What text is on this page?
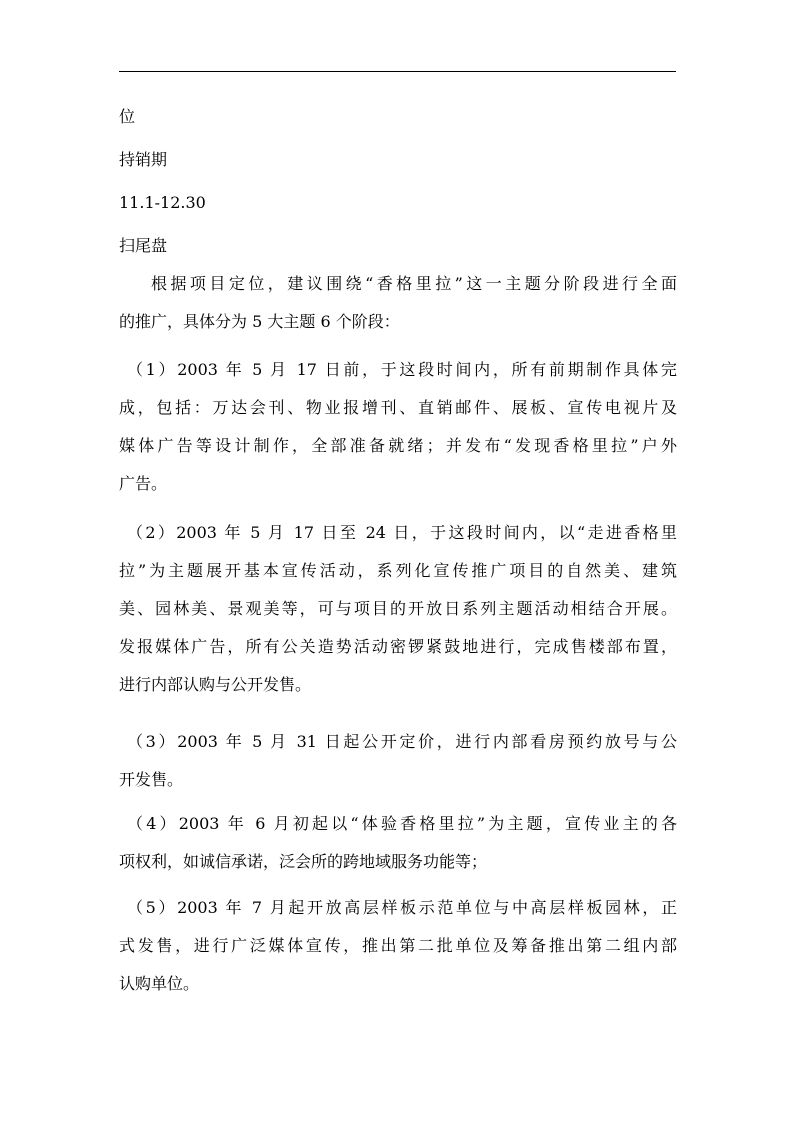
位
持销期
11.1-12.30
扫尾盘
根据项目定位，建议围绕“香格里拉”这一主题分阶段进行全面
的推广，具体分为 5 大主题 6 个阶段：
（1）2003 年 5 月 17 日前，于这段时间内，所有前期制作具体完
成，包括：万达会刊、物业报增刊、直销邮件、展板、宣传电视片及
媒体广告等设计制作，全部准备就绪；并发布“发现香格里拉”户外
广告。
（2）2003 年 5 月 17 日至 24 日，于这段时间内，以“走进香格里
拉”为主题展开基本宣传活动，系列化宣传推广项目的自然美、建筑
美、园林美、景观美等，可与项目的开放日系列主题活动相结合开展。
发报媒体广告，所有公关造势活动密锣紧鼓地进行，完成售楼部布置，
进行内部认购与公开发售。
（3）2003 年 5 月 31 日起公开定价，进行内部看房预约放号与公
开发售。
（4）2003 年 6 月初起以“体验香格里拉”为主题，宣传业主的各
项权利，如诚信承诺，泛会所的跨地域服务功能等；
（5）2003 年 7 月起开放高层样板示范单位与中高层样板园林，正
式发售，进行广泛媒体宣传，推出第二批单位及筹备推出第二组内部
认购单位。
